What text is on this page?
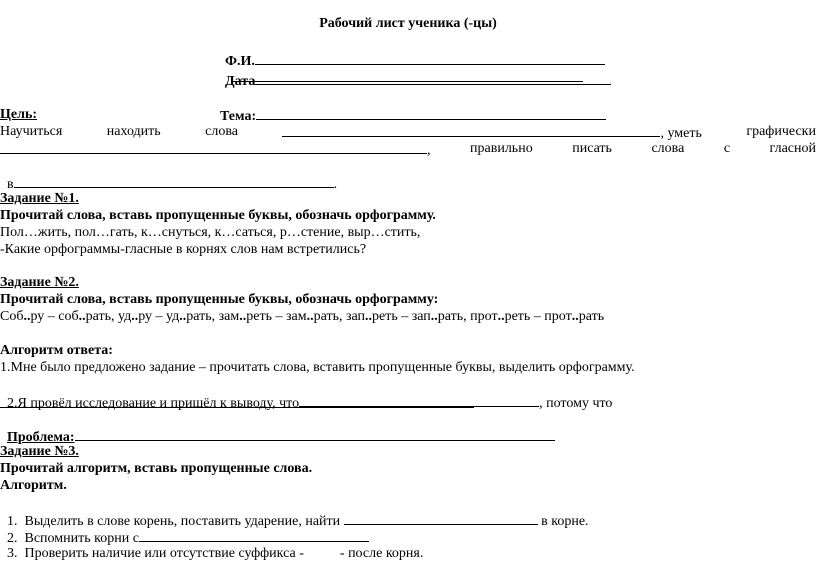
Рабочий лист ученика (-цы)

Ф.И.

Дата

Тема:

Цель:
Научиться	находить	слова	, уметь	графически
,	правильно	писать	слова	с	гласной

в	.

Задание №1.
Прочитай слова, вставь пропущенные буквы, обозначь орфограмму.
Пол…жить, пол…гать, к…снуться, к…саться, р…стение, выр…стить,
-Какие орфограммы-гласные в корнях слов нам встретились?
Задание №2.
Прочитай слова, вставь пропущенные буквы, обозначь орфограмму:
Соб..ру – соб..рать, уд..ру – уд..рать, зам..реть – зам..рать, зап..реть – зап..рать, прот..реть – прот..рать
Алгоритм ответа:
1.Мне было предложено задание – прочитать слова, вставить пропущенные буквы, выделить орфограмму.

2.Я провёл исследование и пришёл к выводу, что	, потому что

Проблема:

Задание №3.
Прочитай алгоритм, вставь пропущенные слова.
Алгоритм.

1.  Выделить в слове корень, поставить ударение, найти	в корне.

2.  Вспомнить корни с

3.  Проверить наличие или отсутствие суффикса -	- после корня.
